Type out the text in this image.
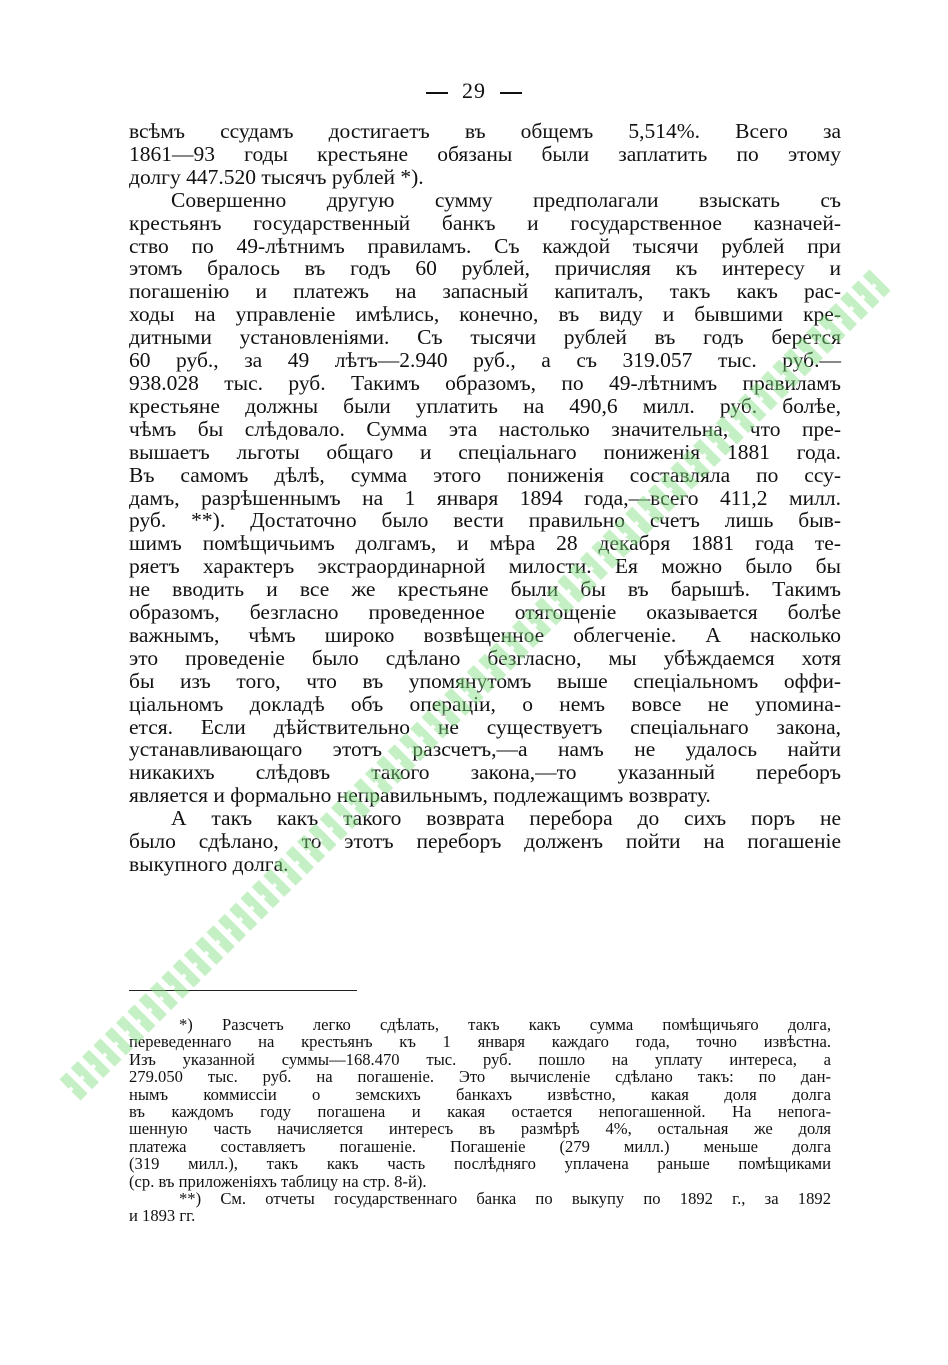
29
всѣмъ ссудамъ достигаетъ въ общемъ 5,514%. Всего за
1861—93 годы крестьяне обязаны были заплатить по этому
долгу 447.520 тысячъ рублей *).
Совершенно другую сумму предполагали взыскать съ
крестьянъ государственный банкъ и государственное казначей-
ство по 49-лѣтнимъ правиламъ. Съ каждой тысячи рублей при
этомъ бралось въ годъ 60 рублей, причисляя къ интересу и
погашенію и платежъ на запасный капиталъ, такъ какъ рас-
ходы на управленіе имѣлись, конечно, въ виду и бывшими кре-
дитными установленіями. Съ тысячи рублей въ годъ берется
60 руб., за 49 лѣтъ—2.940 руб., а съ 319.057 тыс. руб.—
938.028 тыс. руб. Такимъ образомъ, по 49-лѣтнимъ правиламъ
крестьяне должны были уплатить на 490,6 милл. руб. болѣе,
чѣмъ бы слѣдовало. Сумма эта настолько значительна, что пре-
вышаетъ льготы общаго и спеціальнаго пониженія 1881 года.
Въ самомъ дѣлѣ, сумма этого пониженія составляла по ссу-
дамъ, разрѣшеннымъ на 1 января 1894 года,—всего 411,2 милл.
руб. **). Достаточно было вести правильно счетъ лишь быв-
шимъ помѣщичьимъ долгамъ, и мѣра 28 декабря 1881 года те-
ряетъ характеръ экстраординарной милости. Ея можно было бы
не вводить и все же крестьяне были бы въ барышѣ. Такимъ
образомъ, безгласно проведенное отягощеніе оказывается болѣе
важнымъ, чѣмъ широко возвѣщенное облегченіе. А насколько
это проведеніе было сдѣлано безгласно, мы убѣждаемся хотя
бы изъ того, что въ упомянутомъ выше спеціальномъ оффи-
ціальномъ докладѣ объ операціи, о немъ вовсе не упомина-
ется. Если дѣйствительно не существуетъ спеціальнаго закона,
устанавливающаго этотъ разсчетъ,—а намъ не удалось найти
никакихъ слѣдовъ такого закона,—то указанный переборъ
является и формально неправильнымъ, подлежащимъ возврату.
А такъ какъ такого возврата перебора до сихъ поръ не
было сдѣлано, то этотъ переборъ долженъ пойти на погашеніе
выкупного долга.
*) Разсчетъ легко сдѣлать, такъ какъ сумма помѣщичьяго долга,
переведеннаго на крестьянъ къ 1 января каждаго года, точно извѣстна.
Изъ указанной суммы—168.470 тыс. руб. пошло на уплату интереса, а
279.050 тыс. руб. на погашеніе. Это вычисленіе сдѣлано такъ: по дан-
нымъ коммиссіи о земскихъ банкахъ извѣстно, какая доля долга
въ каждомъ году погашена и какая остается непогашенной. На непога-
шенную часть начисляется интересъ въ размѣрѣ 4%, остальная же доля
платежа составляетъ погашеніе. Погашеніе (279 милл.) меньше долга
(319 милл.), такъ какъ часть послѣдняго уплачена раньше помѣщиками
(ср. въ приложеніяхъ таблицу на стр. 8-й).
**) См. отчеты государственнаго банка по выкупу по 1892 г., за 1892
и 1893 гг.
